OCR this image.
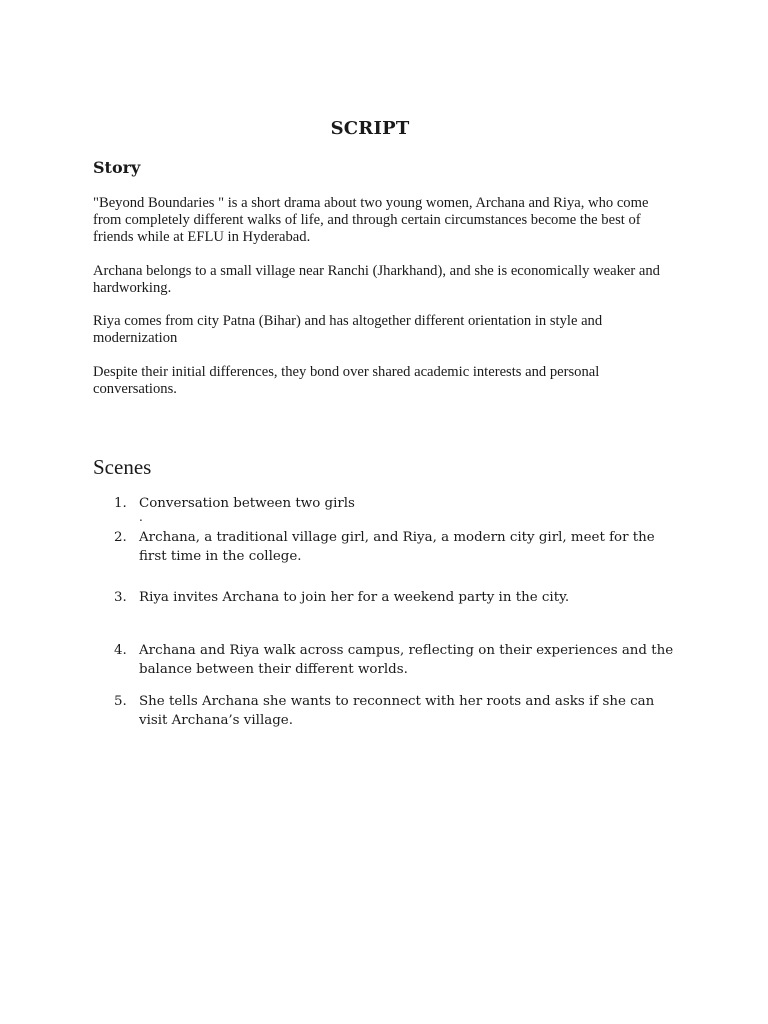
SCRIPT
Story

"Beyond Boundaries " is a short drama about two young women, Archana and Riya, who come from completely different walks of life, and through certain circumstances become the best of friends while at EFLU in Hyderabad.

Archana belongs to a small village near Ranchi (Jharkhand), and she is economically weaker and hardworking.

Riya comes from city Patna (Bihar) and has altogether different orientation in style and modernization

Despite their initial differences, they bond over shared academic interests and personal conversations.

Scenes
1. Conversation between two girls
.
2. Archana, a traditional village girl, and Riya, a modern city girl, meet for the first time in the college.
3. Riya invites Archana to join her for a weekend party in the city.
4. Archana and Riya walk across campus, reflecting on their experiences and the balance between their different worlds.
5. She tells Archana she wants to reconnect with her roots and asks if she can visit Archana’s village.
